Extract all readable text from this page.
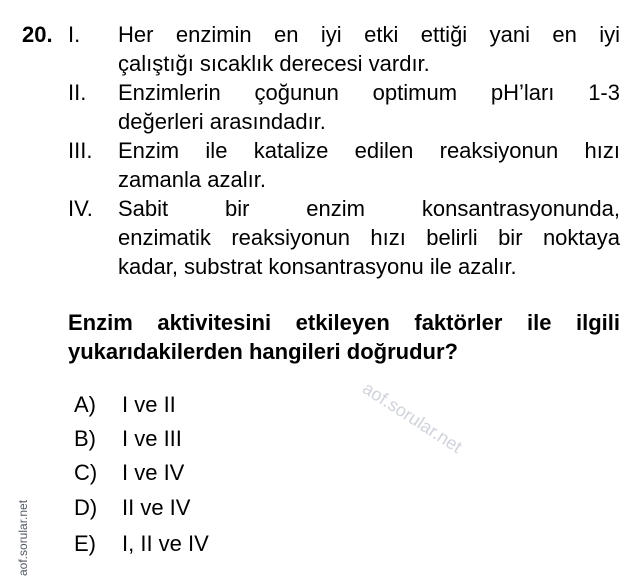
20. I. Her enzimin en iyi etki ettiği yani en iyi
çalıştığı sıcaklık derecesi vardır.
II. Enzimlerin çoğunun optimum pH’ları 1-3
değerleri arasındadır.
III. Enzim ile katalize edilen reaksiyonun hızı
zamanla azalır.
IV. Sabit bir enzim konsantrasyonunda,
enzimatik reaksiyonun hızı belirli bir noktaya
kadar, substrat konsantrasyonu ile azalır.
Enzim aktivitesini etkileyen faktörler ile ilgili
yukarıdakilerden hangileri doğrudur?
A)	I ve II
B)	I ve III
C)	I ve IV
D)	II ve IV
E)	I, II ve IV
aof.sorular.net
aof.sorular.net
